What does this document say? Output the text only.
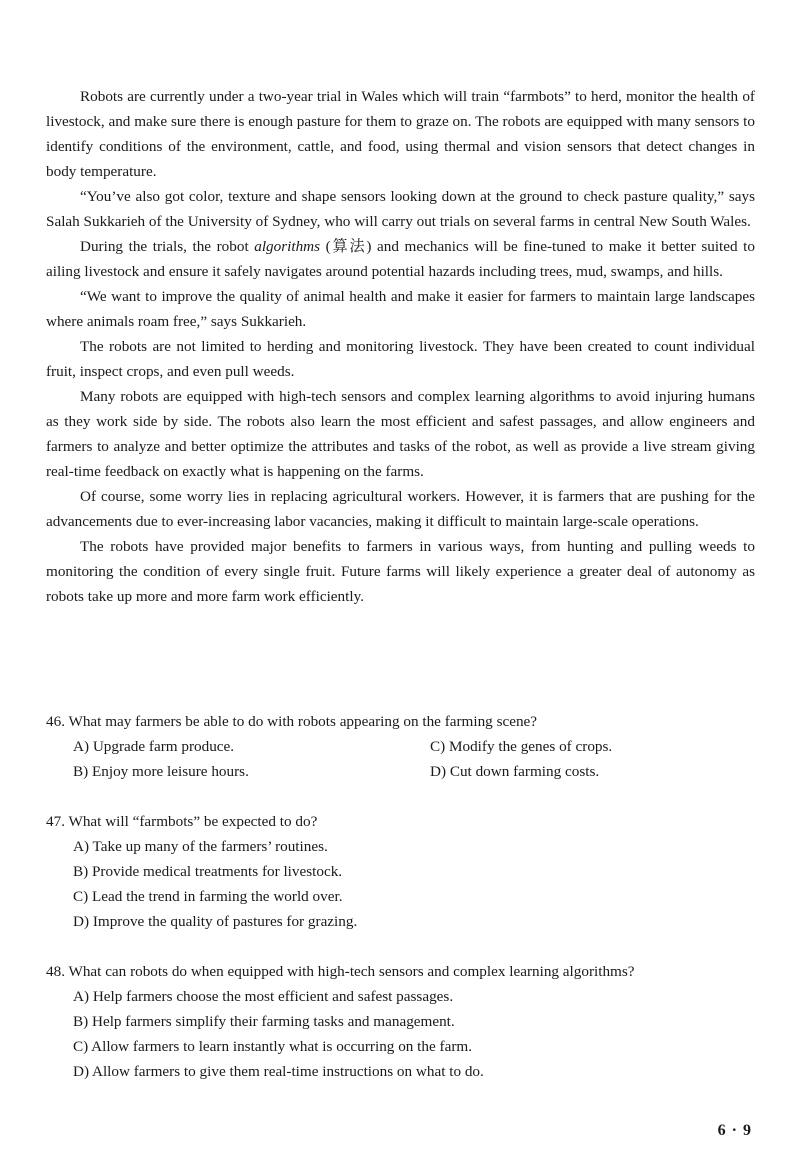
Robots are currently under a two-year trial in Wales which will train “farmbots” to herd, monitor the health of livestock, and make sure there is enough pasture for them to graze on. The robots are equipped with many sensors to identify conditions of the environment, cattle, and food, using thermal and vision sensors that detect changes in body temperature.

“You’ve also got color, texture and shape sensors looking down at the ground to check pasture quality,” says Salah Sukkarieh of the University of Sydney, who will carry out trials on several farms in central New South Wales.

During the trials, the robot algorithms (算法) and mechanics will be fine-tuned to make it better suited to ailing livestock and ensure it safely navigates around potential hazards including trees, mud, swamps, and hills.

“We want to improve the quality of animal health and make it easier for farmers to maintain large landscapes where animals roam free,” says Sukkarieh.

The robots are not limited to herding and monitoring livestock. They have been created to count individual fruit, inspect crops, and even pull weeds.

Many robots are equipped with high-tech sensors and complex learning algorithms to avoid injuring humans as they work side by side. The robots also learn the most efficient and safest passages, and allow engineers and farmers to analyze and better optimize the attributes and tasks of the robot, as well as provide a live stream giving real-time feedback on exactly what is happening on the farms.

Of course, some worry lies in replacing agricultural workers. However, it is farmers that are pushing for the advancements due to ever-increasing labor vacancies, making it difficult to maintain large-scale operations.

The robots have provided major benefits to farmers in various ways, from hunting and pulling weeds to monitoring the condition of every single fruit. Future farms will likely experience a greater deal of autonomy as robots take up more and more farm work efficiently.

46. What may farmers be able to do with robots appearing on the farming scene?

A) Upgrade farm produce.	C) Modify the genes of crops.

B) Enjoy more leisure hours.	D) Cut down farming costs.

47. What will “farmbots” be expected to do?

A) Take up many of the farmers’ routines.

B) Provide medical treatments for livestock.

C) Lead the trend in farming the world over.

D) Improve the quality of pastures for grazing.

48. What can robots do when equipped with high-tech sensors and complex learning algorithms?

A) Help farmers choose the most efficient and safest passages.

B) Help farmers simplify their farming tasks and management.

C) Allow farmers to learn instantly what is occurring on the farm.

D) Allow farmers to give them real-time instructions on what to do.

6 · 9
